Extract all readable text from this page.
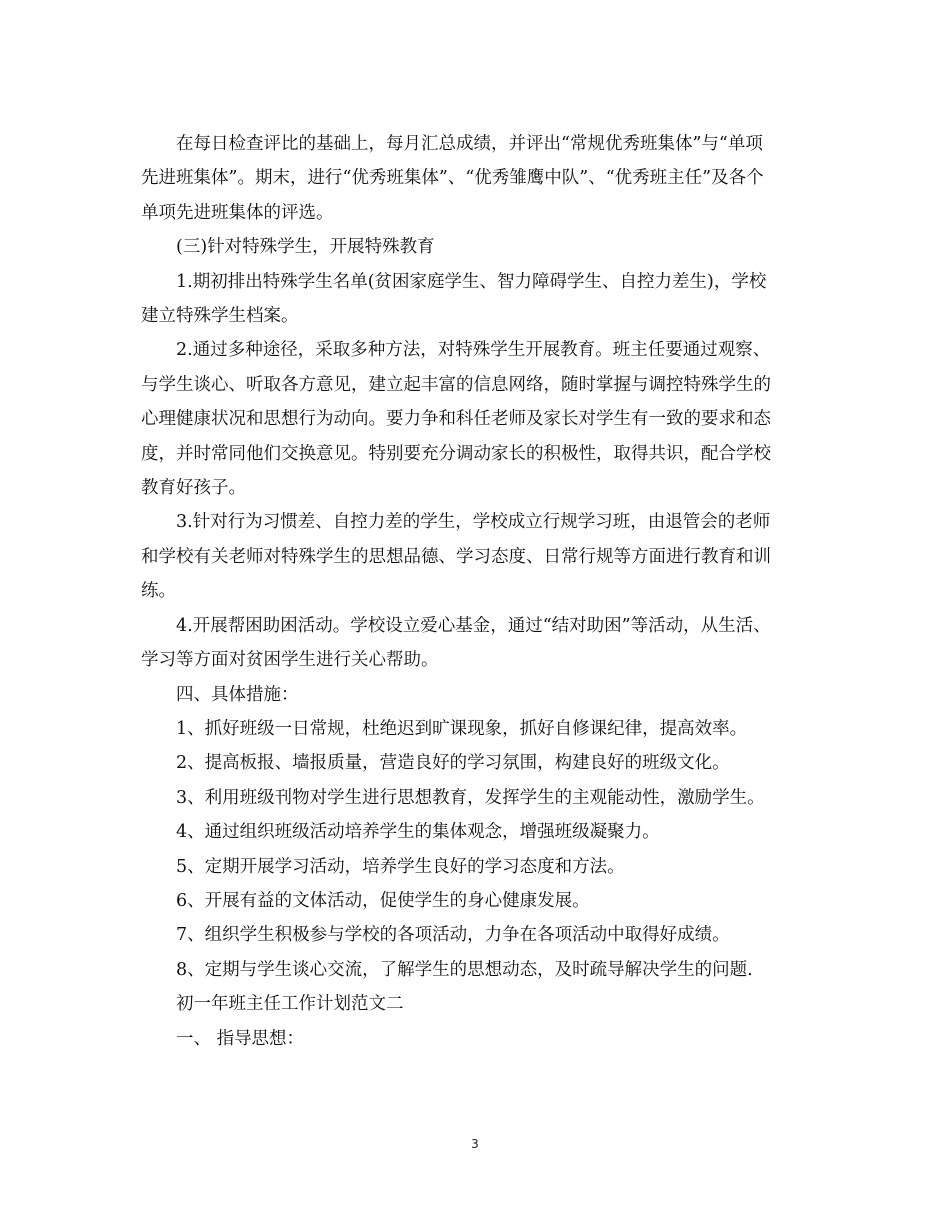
在每日检查评比的基础上，每月汇总成绩，并评出“常规优秀班集体”与“单项
先进班集体”。期末，进行“优秀班集体”、“优秀雏鹰中队”、“优秀班主任”及各个
单项先进班集体的评选。

(三)针对特殊学生，开展特殊教育

1.期初排出特殊学生名单(贫困家庭学生、智力障碍学生、自控力差生)，学校
建立特殊学生档案。

2.通过多种途径，采取多种方法，对特殊学生开展教育。班主任要通过观察、
与学生谈心、听取各方意见，建立起丰富的信息网络，随时掌握与调控特殊学生的
心理健康状况和思想行为动向。要力争和科任老师及家长对学生有一致的要求和态
度，并时常同他们交换意见。特别要充分调动家长的积极性，取得共识，配合学校
教育好孩子。

3.针对行为习惯差、自控力差的学生，学校成立行规学习班，由退管会的老师
和学校有关老师对特殊学生的思想品德、学习态度、日常行规等方面进行教育和训
练。

4.开展帮困助困活动。学校设立爱心基金，通过“结对助困”等活动，从生活、
学习等方面对贫困学生进行关心帮助。

四、具体措施：

1、抓好班级一日常规，杜绝迟到旷课现象，抓好自修课纪律，提高效率。

2、提高板报、墙报质量，营造良好的学习氛围，构建良好的班级文化。

3、利用班级刊物对学生进行思想教育，发挥学生的主观能动性，激励学生。

4、通过组织班级活动培养学生的集体观念，增强班级凝聚力。

5、定期开展学习活动，培养学生良好的学习态度和方法。

6、开展有益的文体活动，促使学生的身心健康发展。

7、组织学生积极参与学校的各项活动，力争在各项活动中取得好成绩。

8、定期与学生谈心交流，了解学生的思想动态，及时疏导解决学生的问题.

初一年班主任工作计划范文二

一、 指导思想：

3
